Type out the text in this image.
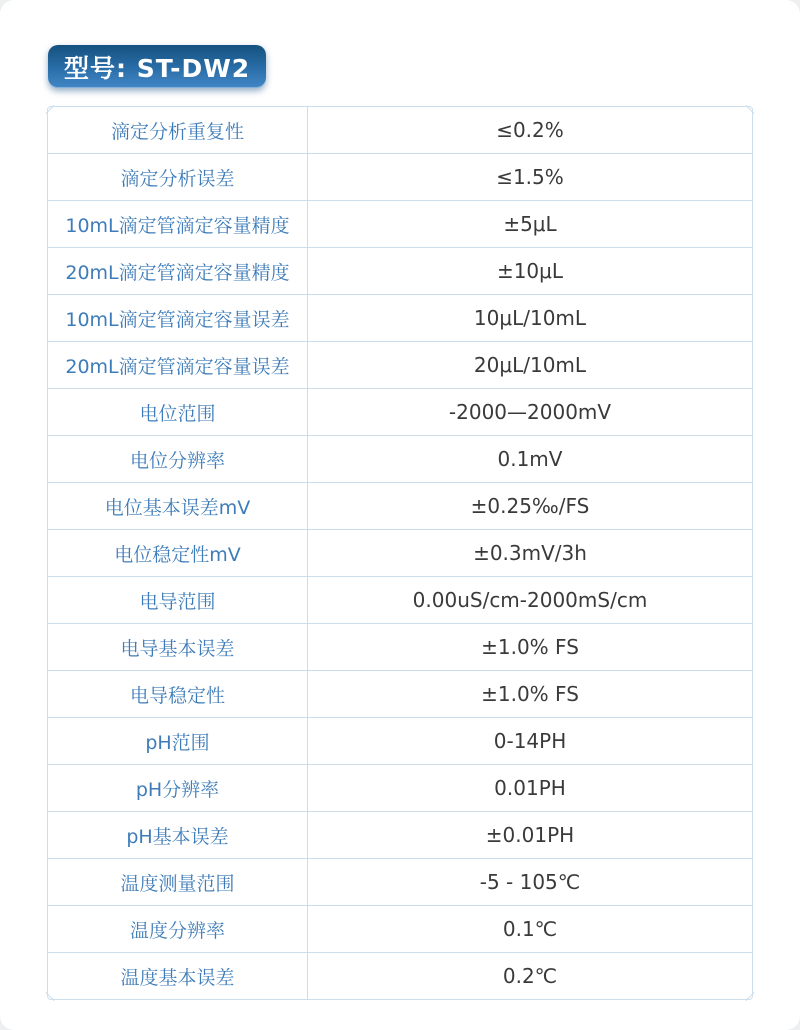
型号: ST-DW2
滴定分析重复性	≤0.2%
滴定分析误差	≤1.5%
10mL滴定管滴定容量精度	±5μL
20mL滴定管滴定容量精度	±10μL
10mL滴定管滴定容量误差	10μL/10mL
20mL滴定管滴定容量误差	20μL/10mL
电位范围	-2000—2000mV
电位分辨率	0.1mV
电位基本误差mV	±0.25‰/FS
电位稳定性mV	±0.3mV/3h
电导范围	0.00uS/cm-2000mS/cm
电导基本误差	±1.0% FS
电导稳定性	±1.0% FS
pH范围	0-14PH
pH分辨率	0.01PH
pH基本误差	±0.01PH
温度测量范围	-5 - 105℃
温度分辨率	0.1℃
温度基本误差	0.2℃
